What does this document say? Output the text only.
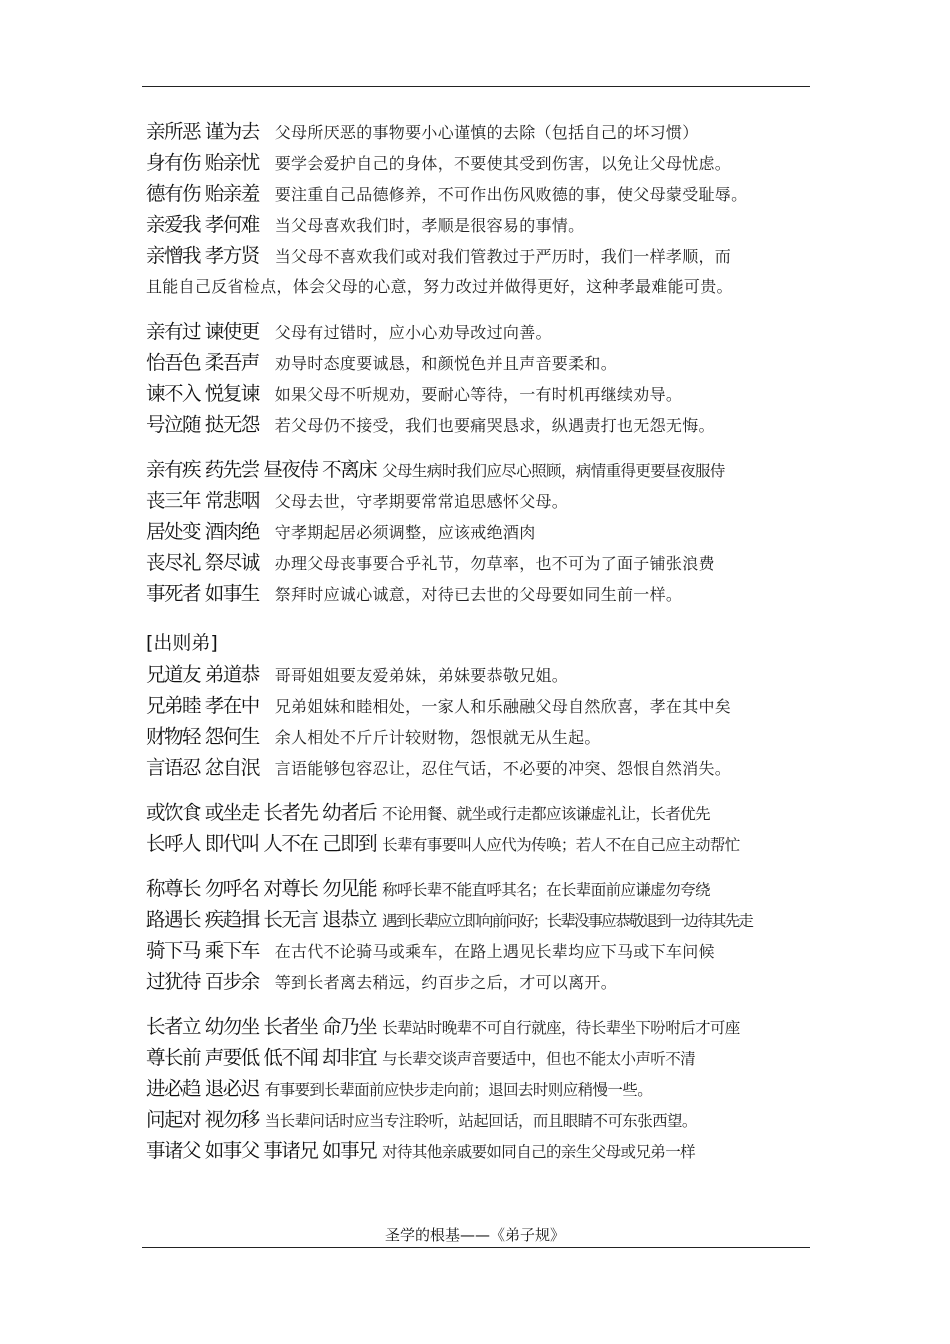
亲所恶 谨为去 父母所厌恶的事物要小心谨慎的去除（包括自己的坏习惯）
身有伤 贻亲忧 要学会爱护自己的身体，不要使其受到伤害，以免让父母忧虑。
德有伤 贻亲羞 要注重自己品德修养，不可作出伤风败德的事，使父母蒙受耻辱。
亲爱我 孝何难 当父母喜欢我们时，孝顺是很容易的事情。
亲憎我 孝方贤 当父母不喜欢我们或对我们管教过于严历时，我们一样孝顺，而
且能自己反省检点，体会父母的心意，努力改过并做得更好，这种孝最难能可贵。
亲有过 谏使更 父母有过错时，应小心劝导改过向善。
怡吾色 柔吾声 劝导时态度要诚恳，和颜悦色并且声音要柔和。
谏不入 悦复谏 如果父母不听规劝，要耐心等待，一有时机再继续劝导。
号泣随 挞无怨 若父母仍不接受，我们也要痛哭恳求，纵遇责打也无怨无悔。
亲有疾 药先尝 昼夜侍 不离床 父母生病时我们应尽心照顾，病情重得更要昼夜服侍
丧三年 常悲咽 父母去世，守孝期要常常追思感怀父母。
居处变 酒肉绝 守孝期起居必须调整，应该戒绝酒肉
丧尽礼 祭尽诚 办理父母丧事要合乎礼节，勿草率，也不可为了面子铺张浪费
事死者 如事生 祭拜时应诚心诚意，对待已去世的父母要如同生前一样。
[出则弟]
兄道友 弟道恭 哥哥姐姐要友爱弟妹，弟妹要恭敬兄姐。
兄弟睦 孝在中 兄弟姐妹和睦相处，一家人和乐融融父母自然欣喜，孝在其中矣
财物轻 怨何生 余人相处不斤斤计较财物，怨恨就无从生起。
言语忍 忿自泯 言语能够包容忍让，忍住气话，不必要的冲突、怨恨自然消失。
或饮食 或坐走 长者先 幼者后 不论用餐、就坐或行走都应该谦虚礼让，长者优先
长呼人 即代叫 人不在 己即到 长辈有事要叫人应代为传唤；若人不在自己应主动帮忙
称尊长 勿呼名 对尊长 勿见能 称呼长辈不能直呼其名；在长辈面前应谦虚勿夸绕
路遇长 疾趋揖 长无言 退恭立 遇到长辈应立即向前问好；长辈没事应恭敬退到一边待其先走
骑下马 乘下车 在古代不论骑马或乘车，在路上遇见长辈均应下马或下车问候
过犹待 百步余 等到长者离去稍远，约百步之后，才可以离开。
长者立 幼勿坐 长者坐 命乃坐 长辈站时晚辈不可自行就座，待长辈坐下吩咐后才可座
尊长前 声要低 低不闻 却非宜 与长辈交谈声音要适中，但也不能太小声听不清
进必趋 退必迟 有事要到长辈面前应快步走向前；退回去时则应稍慢一些。
问起对 视勿移 当长辈问话时应当专注聆听，站起回话，而且眼睛不可东张西望。
事诸父 如事父 事诸兄 如事兄 对待其他亲戚要如同自己的亲生父母或兄弟一样
圣学的根基——《弟子规》
